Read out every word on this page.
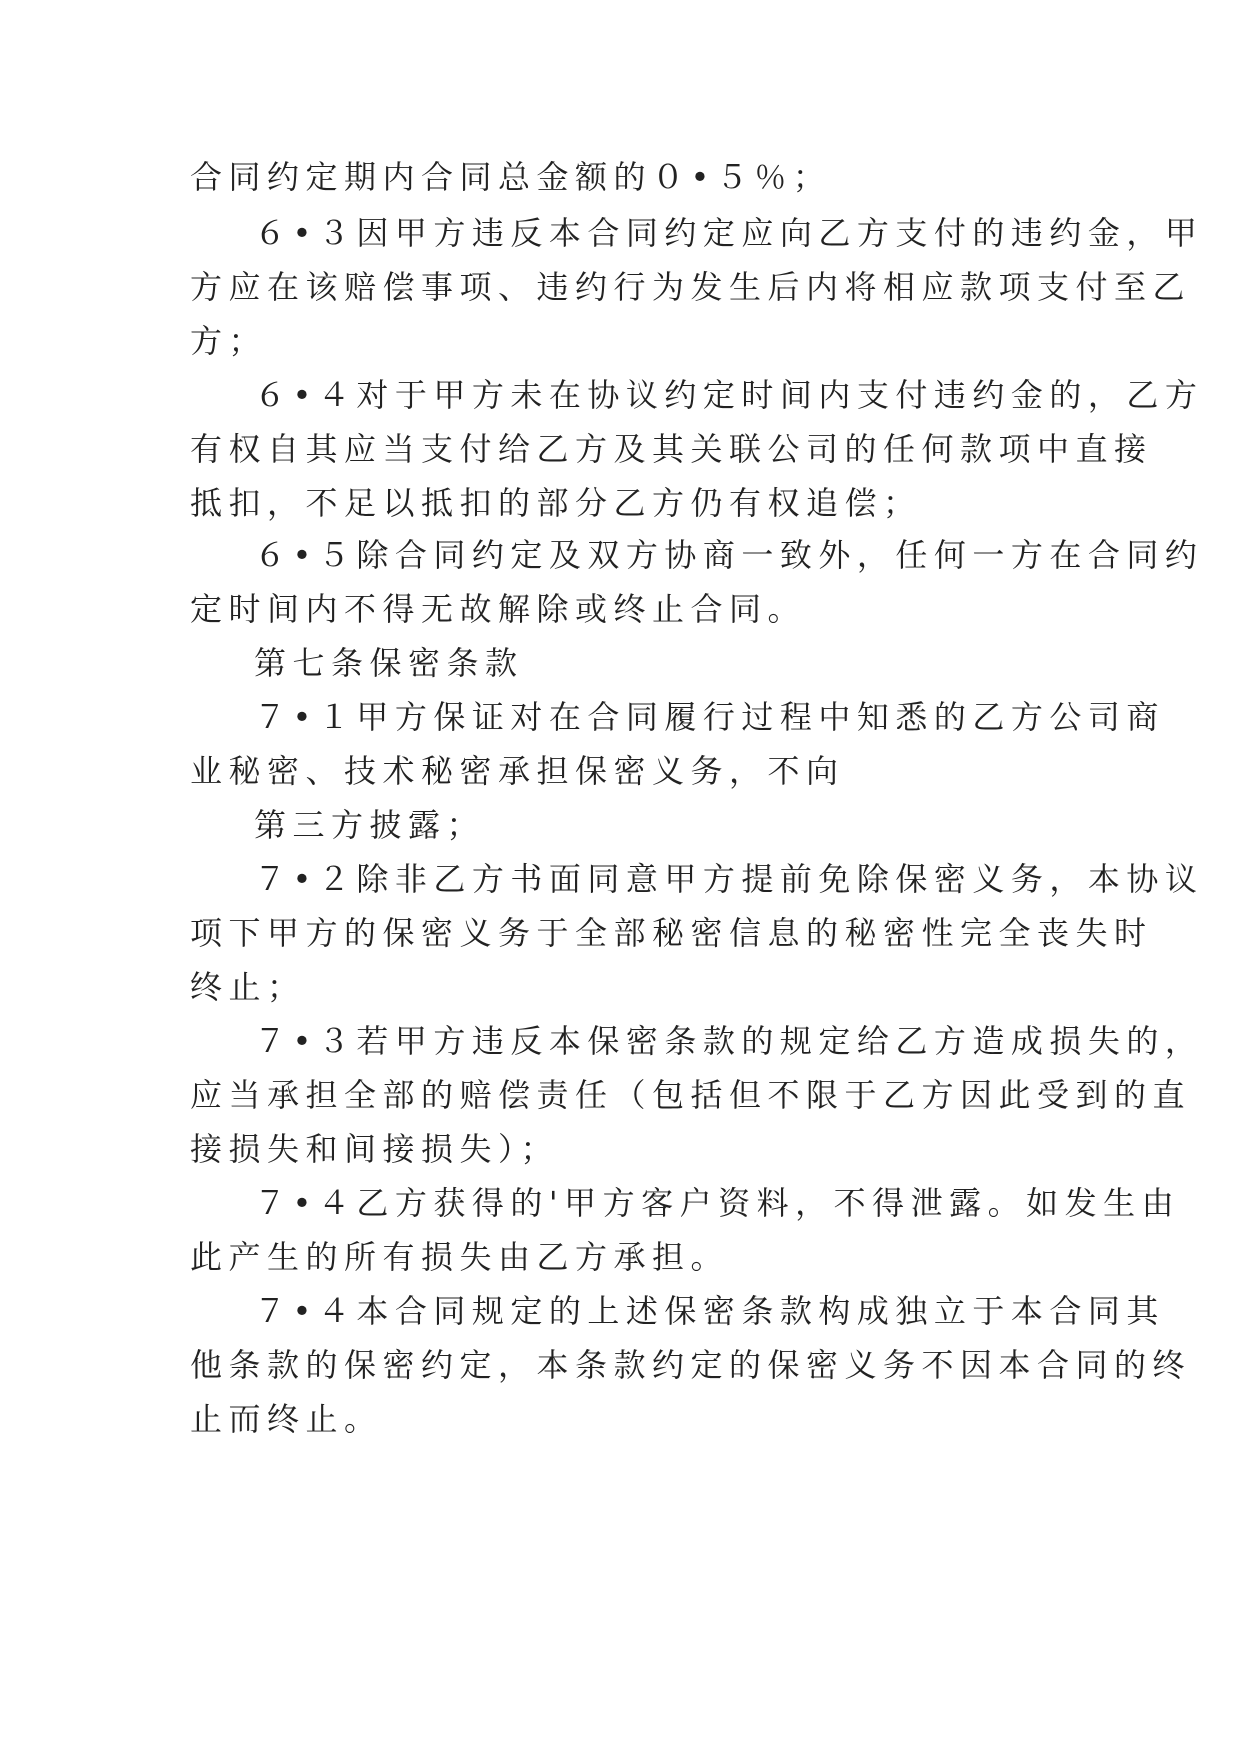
合同约定期内合同总金额的０•５％；
６•３因甲方违反本合同约定应向乙方支付的违约金，甲
方应在该赔偿事项、违约行为发生后内将相应款项支付至乙
方；
６•４对于甲方未在协议约定时间内支付违约金的，乙方
有权自其应当支付给乙方及其关联公司的任何款项中直接
抵扣，不足以抵扣的部分乙方仍有权追偿；
６•５除合同约定及双方协商一致外，任何一方在合同约
定时间内不得无故解除或终止合同。
第七条保密条款
７•１甲方保证对在合同履行过程中知悉的乙方公司商
业秘密、技术秘密承担保密义务，不向
第三方披露；
７•２除非乙方书面同意甲方提前免除保密义务，本协议
项下甲方的保密义务于全部秘密信息的秘密性完全丧失时
终止；
７•３若甲方违反本保密条款的规定给乙方造成损失的，
应当承担全部的赔偿责任（包括但不限于乙方因此受到的直
接损失和间接损失）；
７•４乙方获得的'甲方客户资料，不得泄露。如发生由
此产生的所有损失由乙方承担。
７•４本合同规定的上述保密条款构成独立于本合同其
他条款的保密约定，本条款约定的保密义务不因本合同的终
止而终止。
